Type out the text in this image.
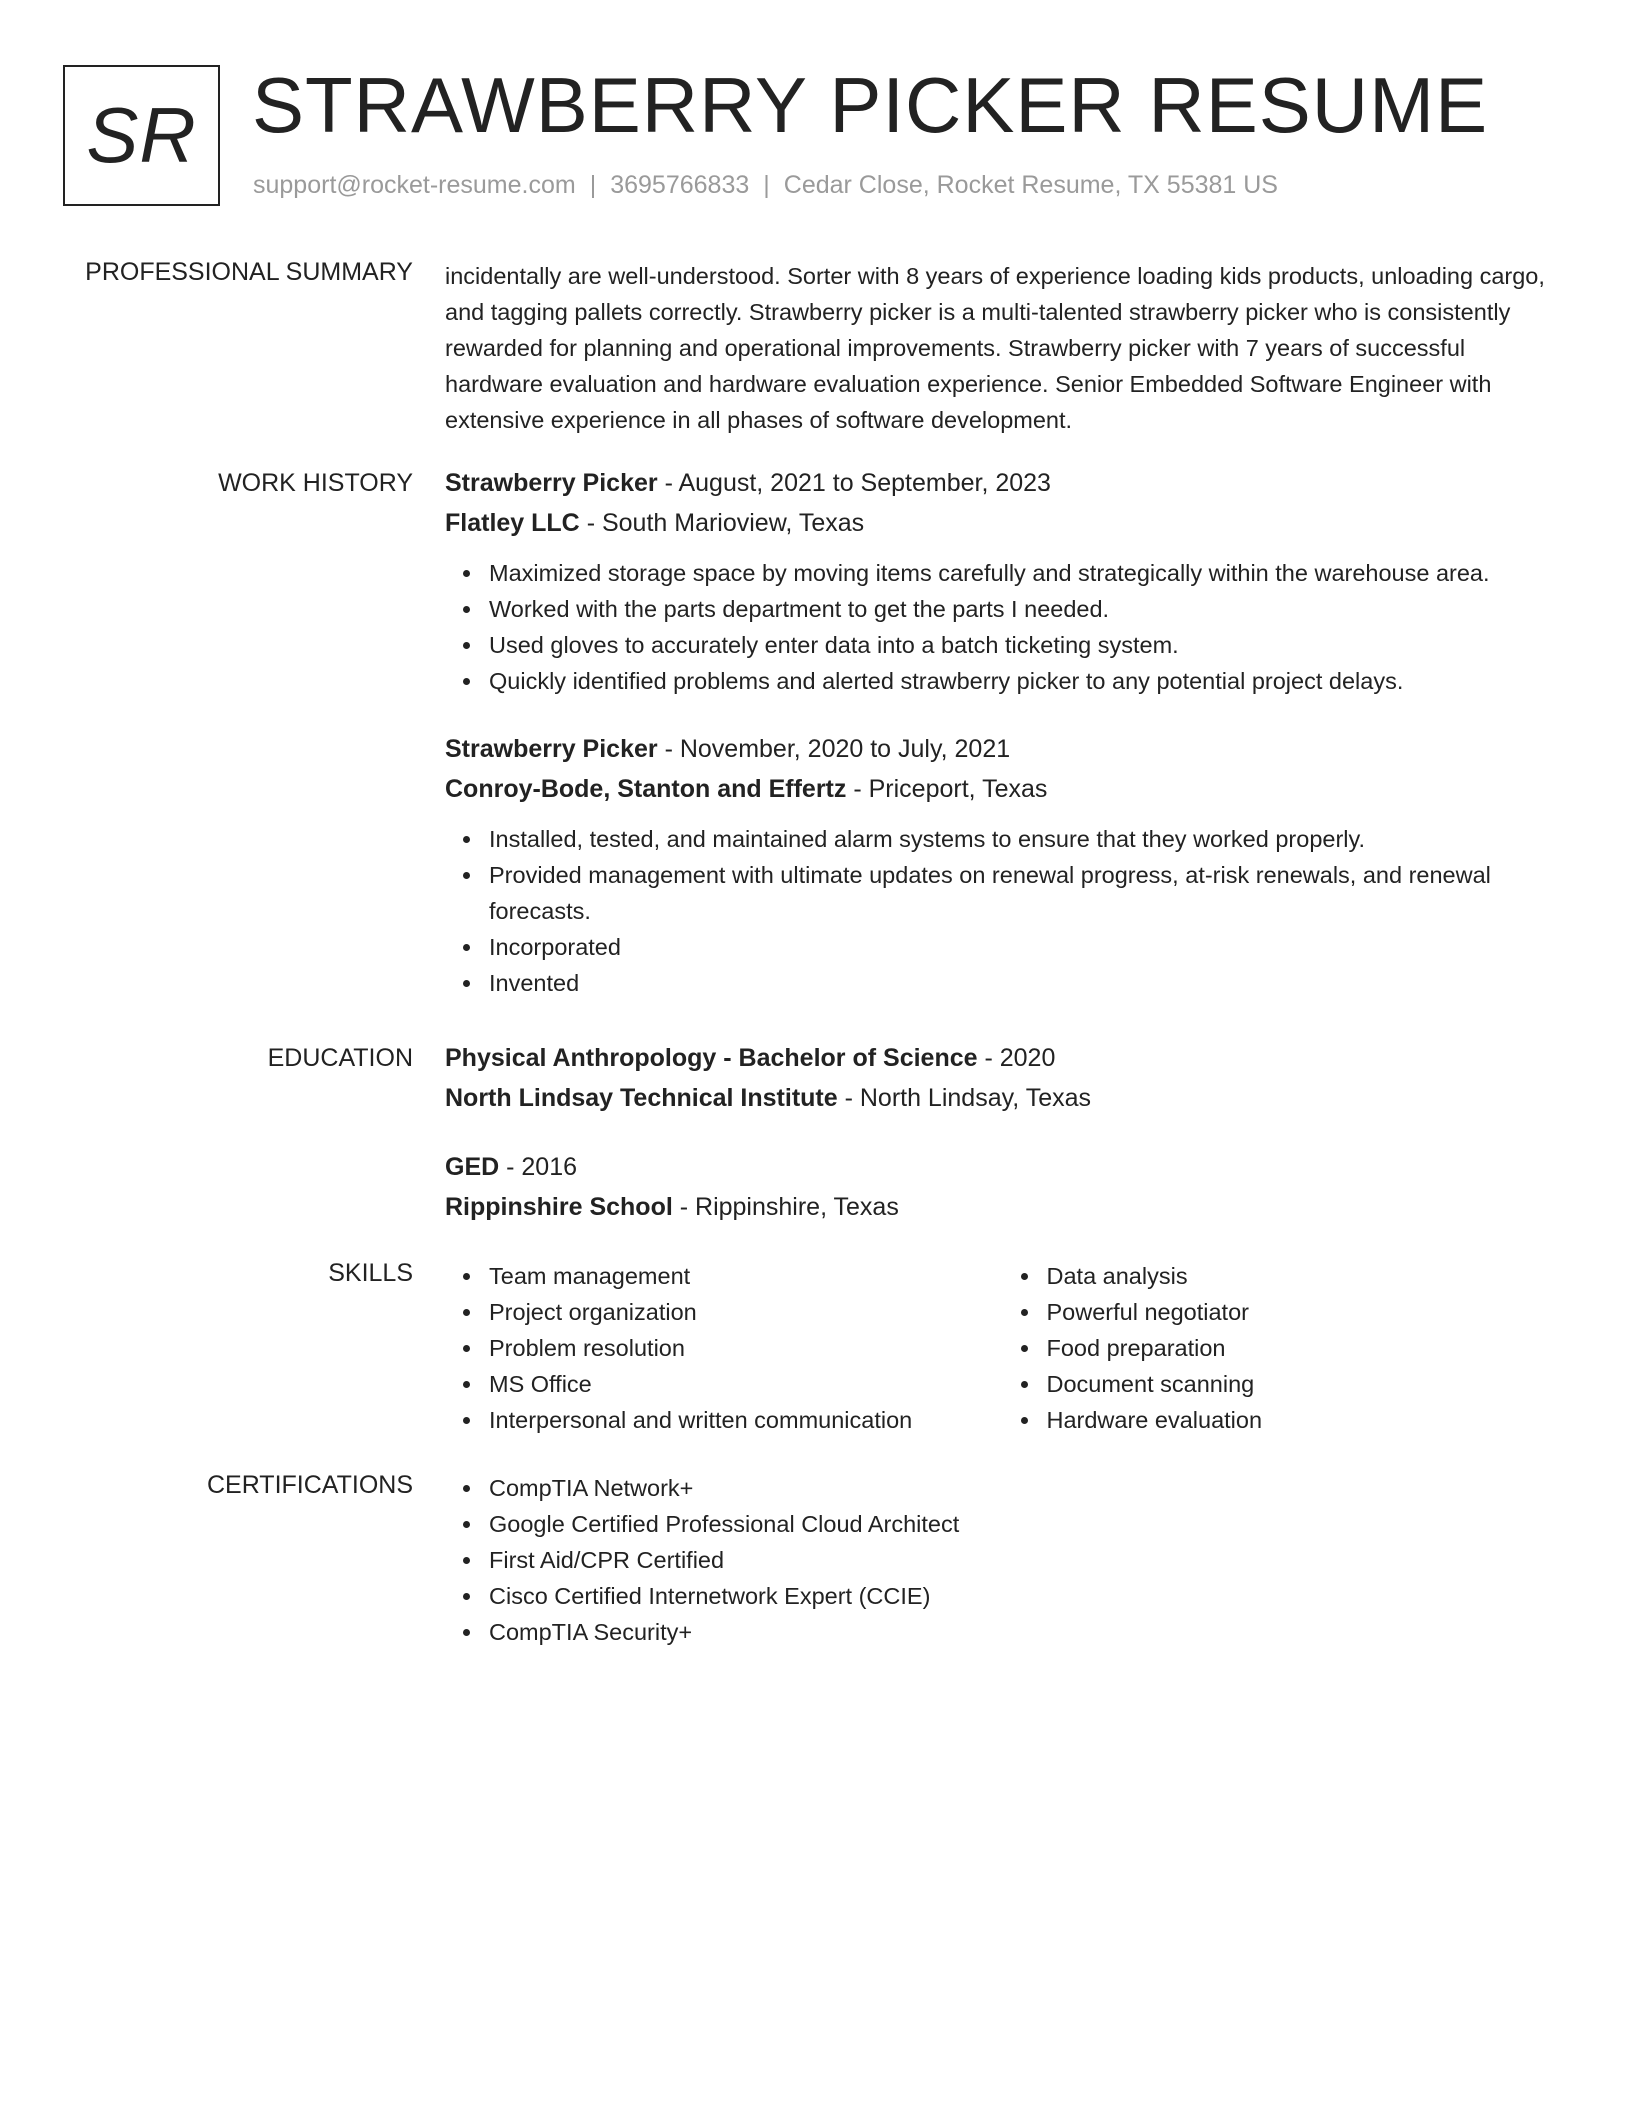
SR STRAWBERRY PICKER RESUME
support@rocket-resume.com | 3695766833 | Cedar Close, Rocket Resume, TX 55381 US
PROFESSIONAL SUMMARY incidentally are well-understood. Sorter with 8 years of experience loading kids products, unloading cargo, and tagging pallets correctly. Strawberry picker is a multi-talented strawberry picker who is consistently rewarded for planning and operational improvements. Strawberry picker with 7 years of successful hardware evaluation and hardware evaluation experience. Senior Embedded Software Engineer with extensive experience in all phases of software development.

WORK HISTORY Strawberry Picker - August, 2021 to September, 2023
Flatley LLC - South Marioview, Texas
Maximized storage space by moving items carefully and strategically within the warehouse area.
Worked with the parts department to get the parts I needed.
Used gloves to accurately enter data into a batch ticketing system.
Quickly identified problems and alerted strawberry picker to any potential project delays.
Strawberry Picker - November, 2020 to July, 2021
Conroy-Bode, Stanton and Effertz - Priceport, Texas
Installed, tested, and maintained alarm systems to ensure that they worked properly.
Provided management with ultimate updates on renewal progress, at-risk renewals, and renewal forecasts.
Incorporated
Invented
EDUCATION Physical Anthropology - Bachelor of Science - 2020
North Lindsay Technical Institute - North Lindsay, Texas
GED - 2016
Rippinshire School - Rippinshire, Texas
SKILLS	Team management
Project organization
Problem resolution
MS Office
Interpersonal and written communication
Data analysis
Powerful negotiator
Food preparation
Document scanning
Hardware evaluation
CERTIFICATIONS	CompTIA Network+
Google Certified Professional Cloud Architect
First Aid/CPR Certified
Cisco Certified Internetwork Expert (CCIE)
CompTIA Security+
